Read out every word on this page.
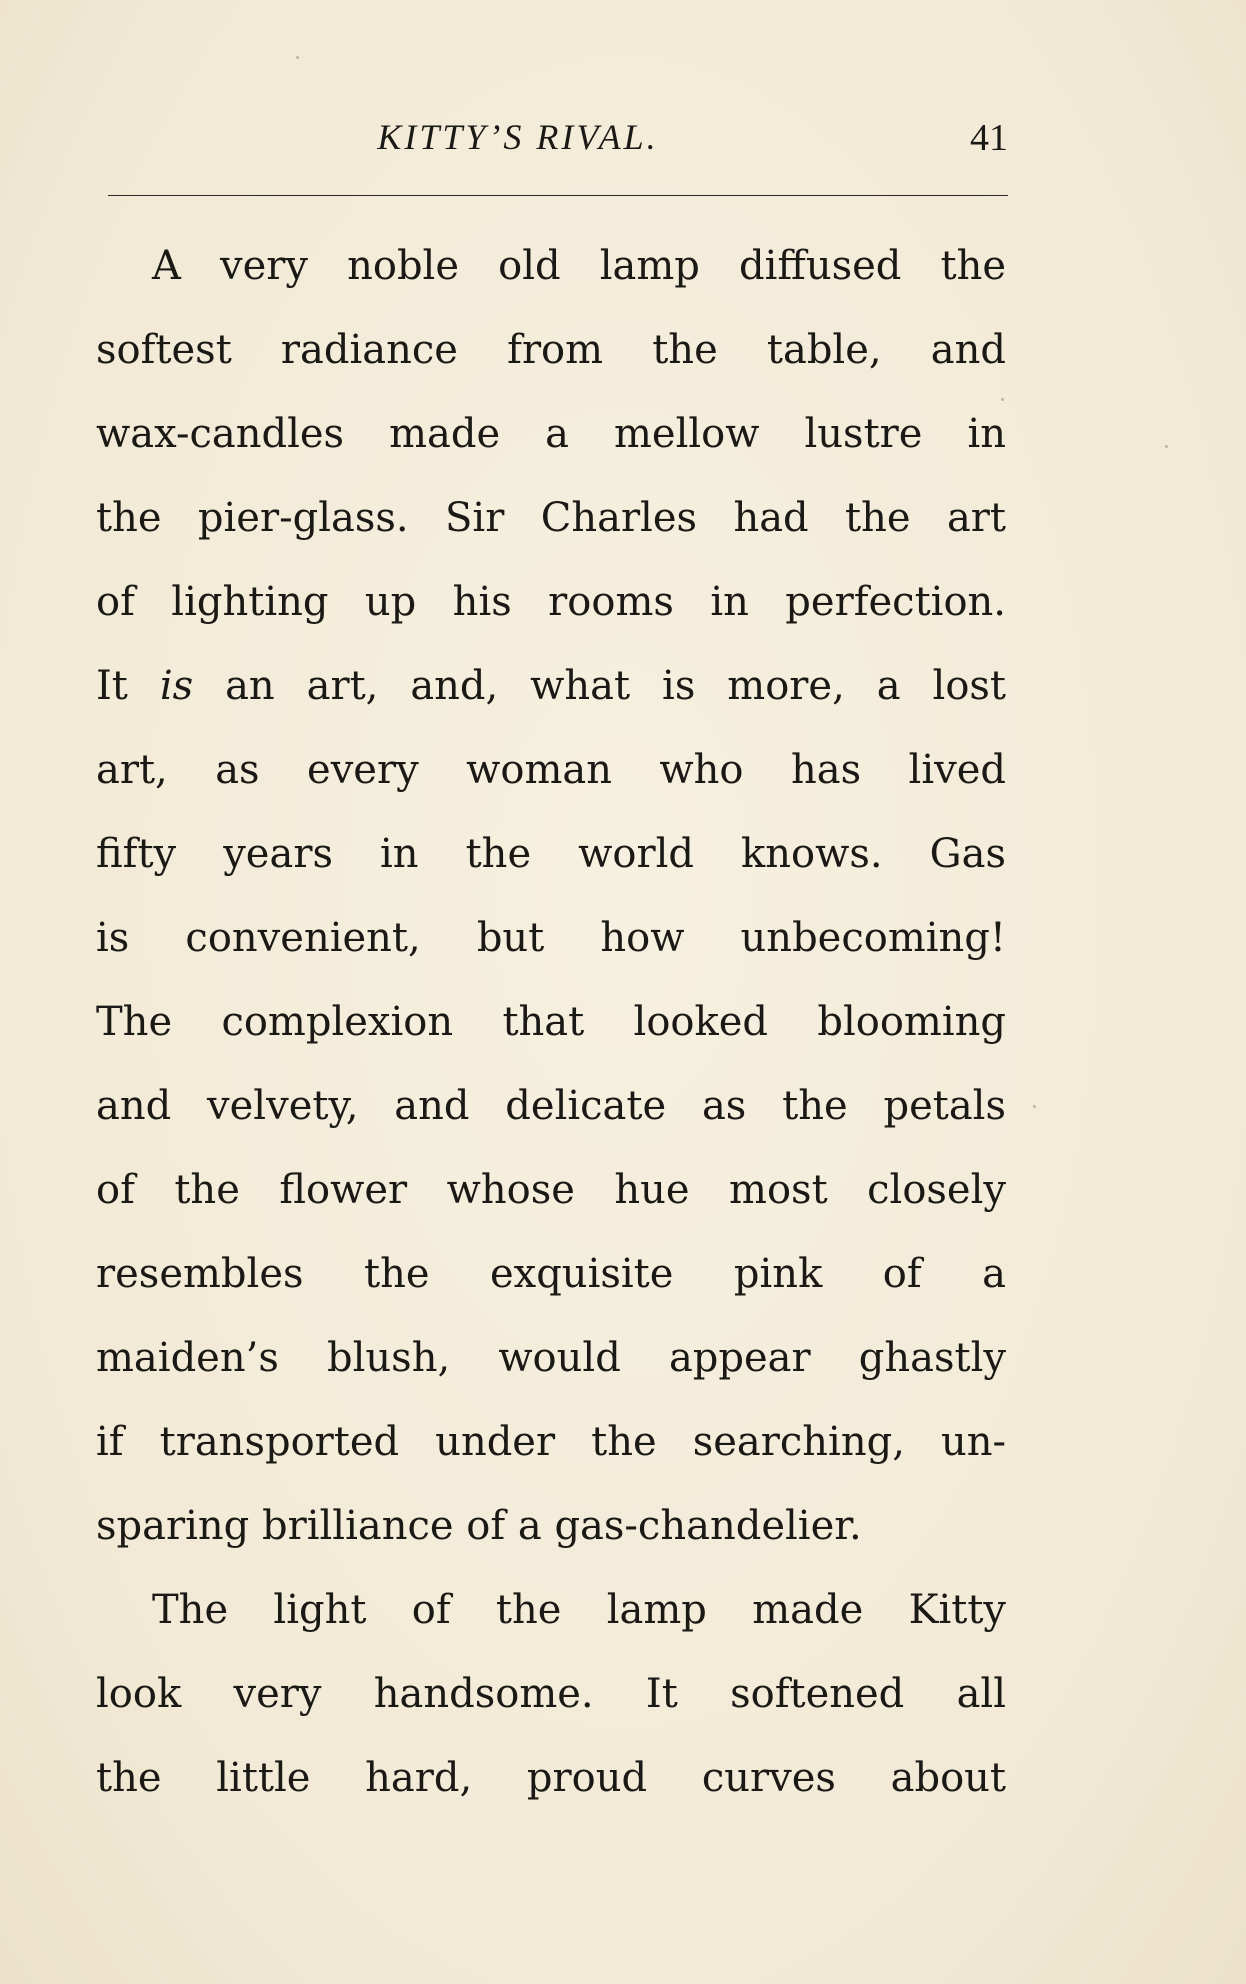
KITTY’S RIVAL.	41
A very noble old lamp diffused the
softest radiance from the table, and
wax-candles made a mellow lustre in
the pier-glass. Sir Charles had the art
of lighting up his rooms in perfection.
It is an art, and, what is more, a lost
art, as every woman who has lived
fifty years in the world knows. Gas
is convenient, but how unbecoming!
The complexion that looked blooming
and velvety, and delicate as the petals
of the flower whose hue most closely
resembles the exquisite pink of a
maiden’s blush, would appear ghastly
if transported under the searching, un-
sparing brilliance of a gas-chandelier.
The light of the lamp made Kitty
look very handsome. It softened all
the little hard, proud curves about
